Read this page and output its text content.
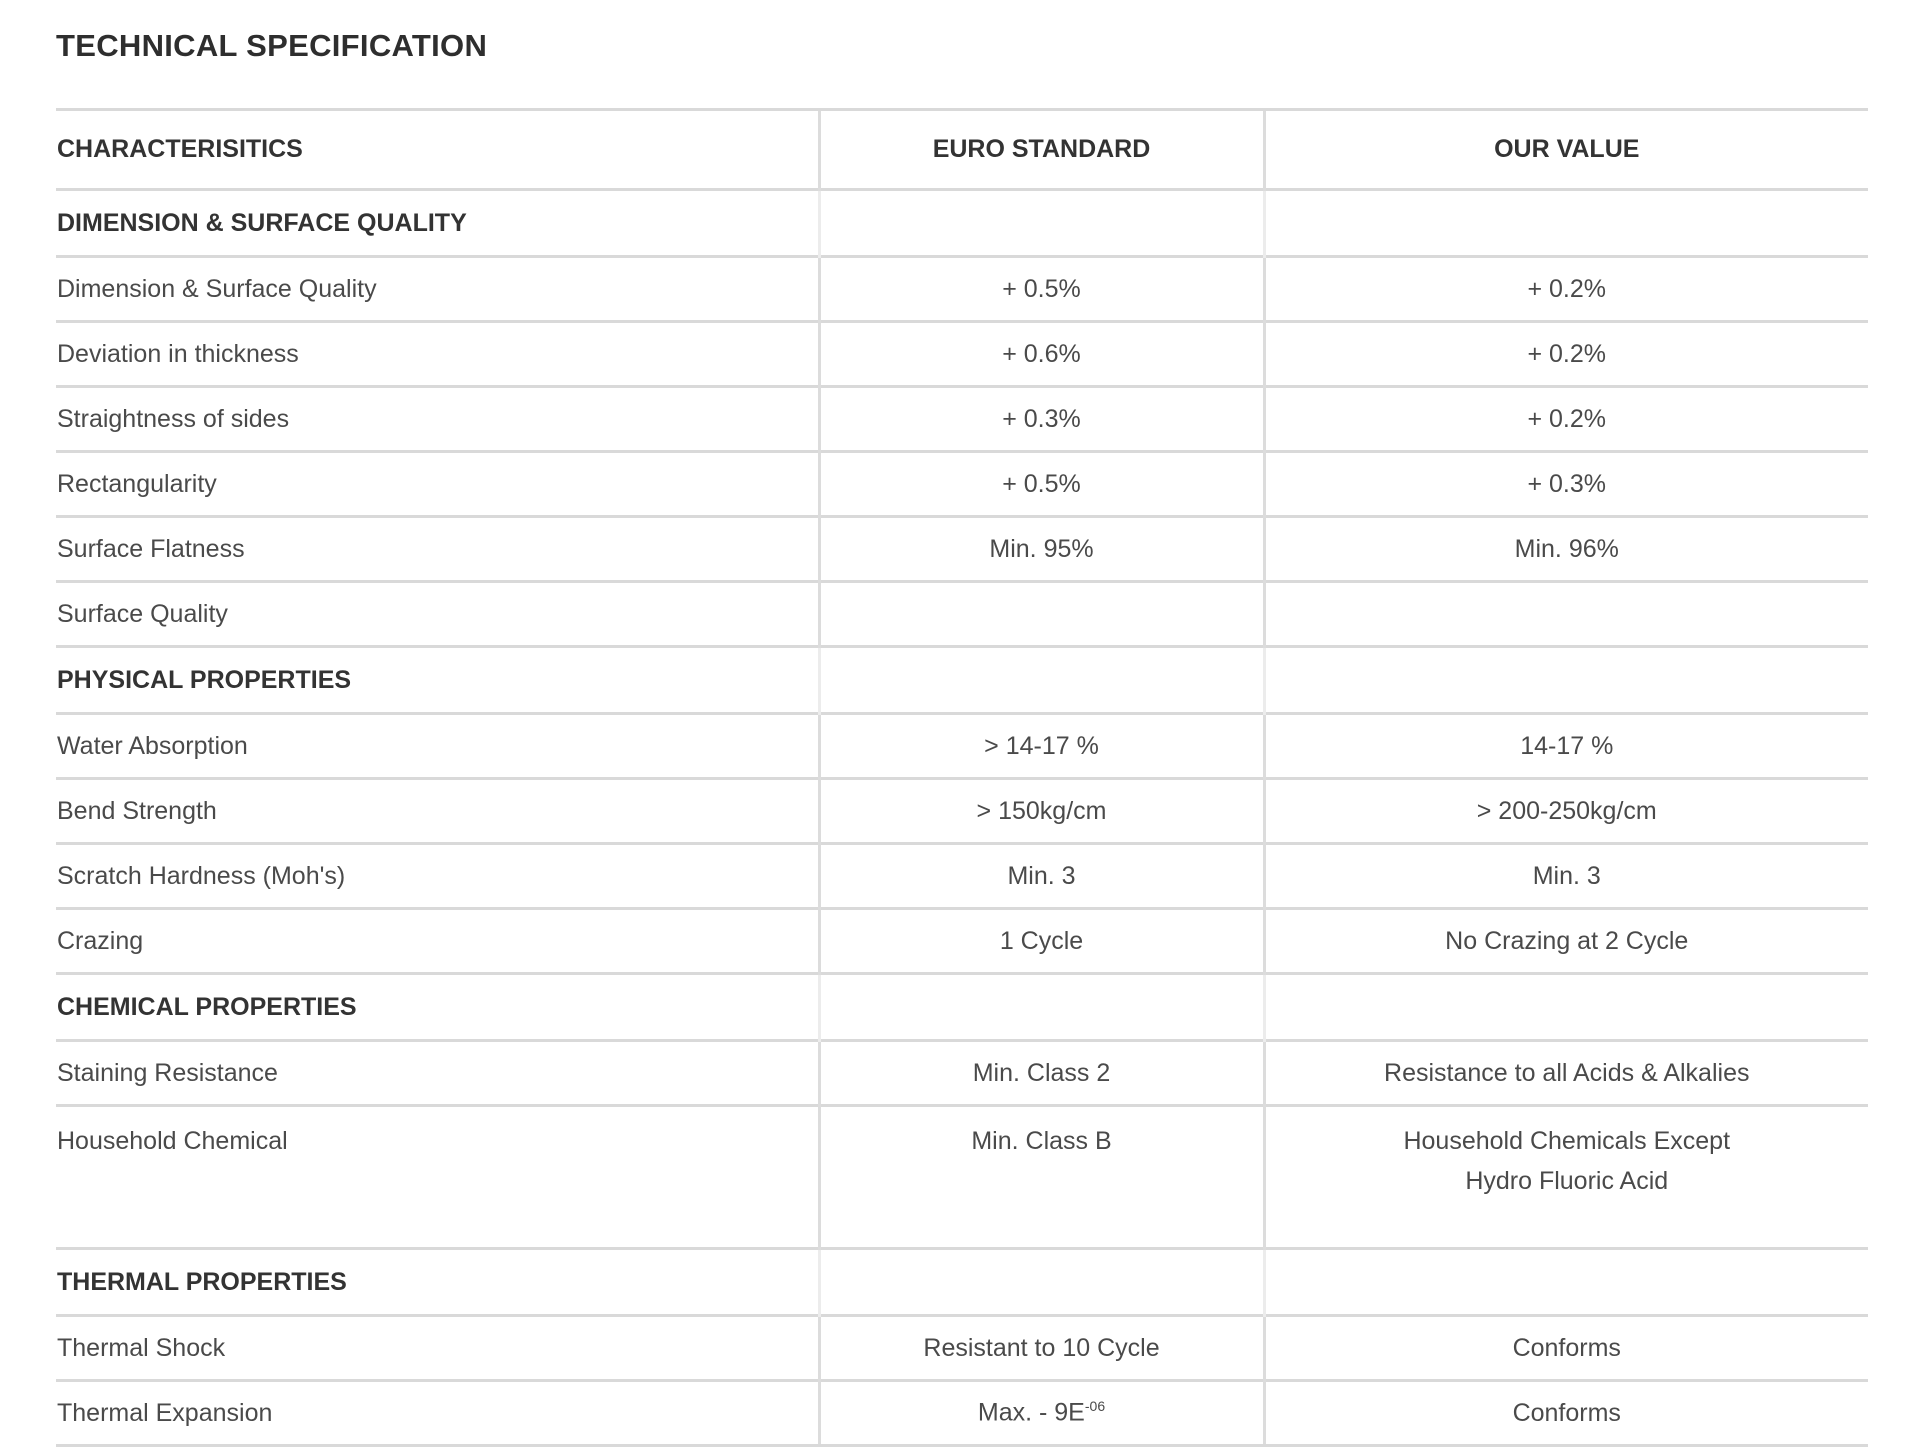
TECHNICAL SPECIFICATION
CHARACTERISITICS	EURO STANDARD	OUR VALUE
DIMENSION & SURFACE QUALITY		

Dimension & Surface Quality	+ 0.5%	+ 0.2%

Deviation in thickness	+ 0.6%	+ 0.2%

Straightness of sides	+ 0.3%	+ 0.2%

Rectangularity	+ 0.5%	+ 0.3%

Surface Flatness	Min. 95%	Min. 96%

Surface Quality		

PHYSICAL PROPERTIES		

Water Absorption	> 14-17 %	14-17 %

Bend Strength	> 150kg/cm	> 200-250kg/cm

Scratch Hardness (Moh's)	Min. 3	Min. 3

Crazing	1 Cycle	No Crazing at 2 Cycle

CHEMICAL PROPERTIES		

Staining Resistance	Min. Class 2	Resistance to all Acids & Alkalies

Household Chemical	Min. Class B	Household Chemicals Except
Hydro Fluoric Acid

THERMAL PROPERTIES		

Thermal Shock	Resistant to 10 Cycle	Conforms

Thermal Expansion	Max. - $9E^{-06}$	Conforms
